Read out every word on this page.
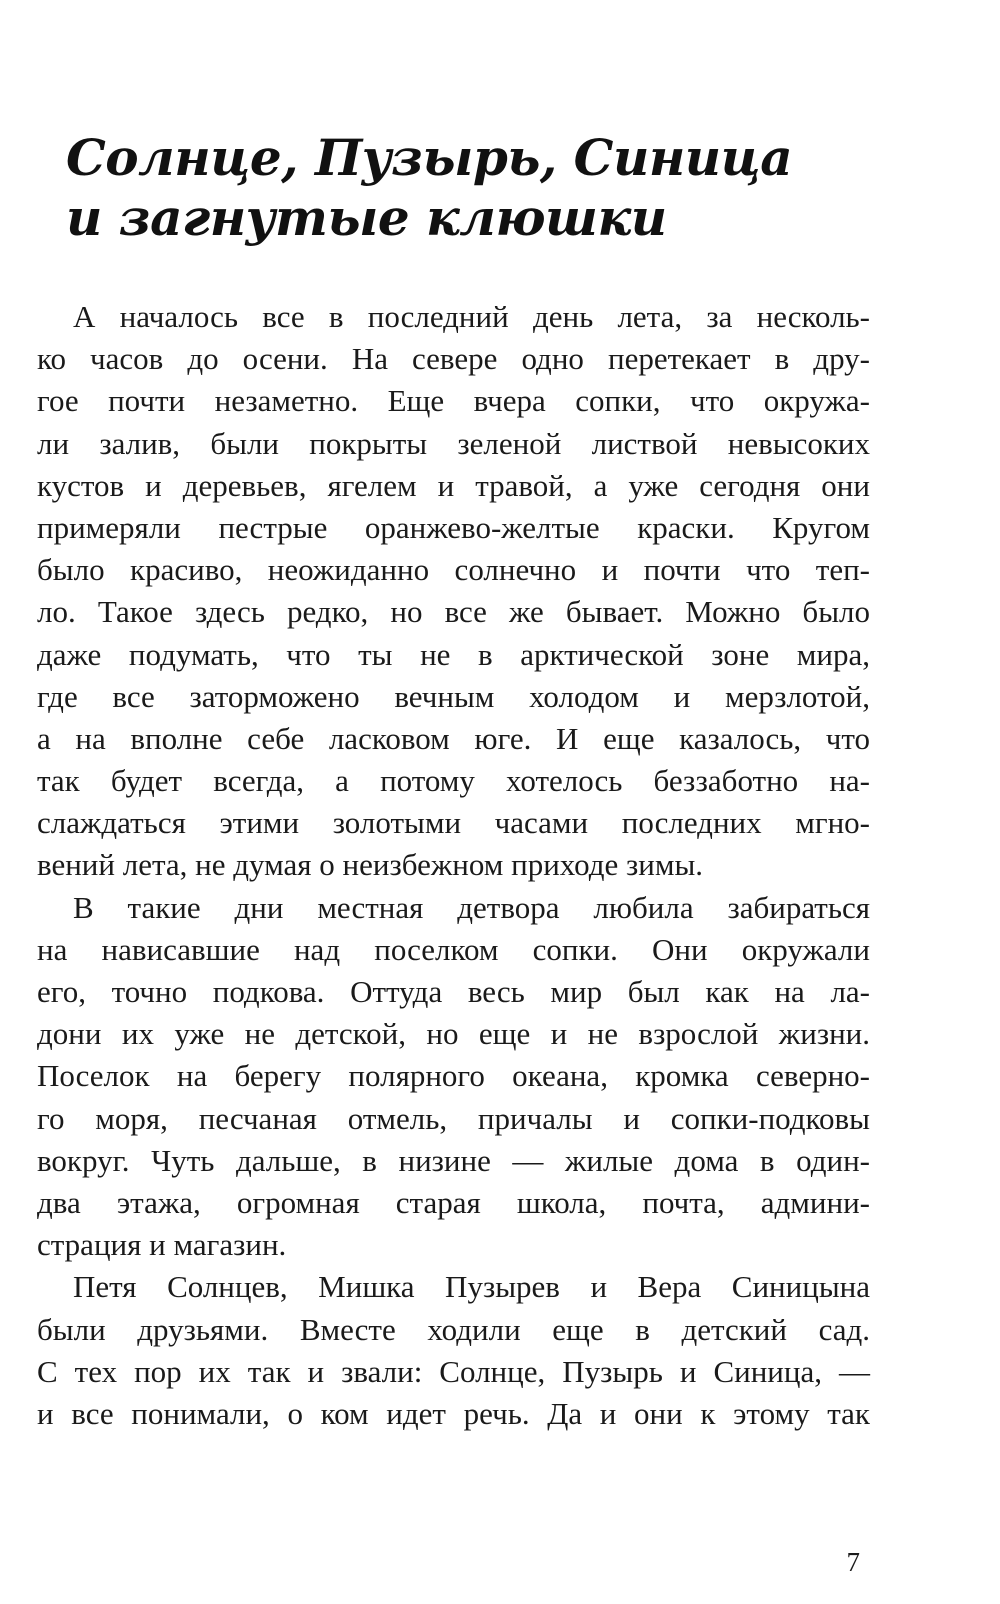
Солнце, Пузырь, Синица
и загнутые клюшки
А началось все в последний день лета, за несколь-
ко часов до осени. На севере одно перетекает в дру-
гое почти незаметно. Еще вчера сопки, что окружа-
ли залив, были покрыты зеленой листвой невысоких
кустов и деревьев, ягелем и травой, а уже сегодня они
примеряли пестрые оранжево-желтые краски. Кругом
было красиво, неожиданно солнечно и почти что теп-
ло. Такое здесь редко, но все же бывает. Можно было
даже подумать, что ты не в арктической зоне мира,
где все заторможено вечным холодом и мерзлотой,
а на вполне себе ласковом юге. И еще казалось, что
так будет всегда, а потому хотелось беззаботно на-
слаждаться этими золотыми часами последних мгно-
вений лета, не думая о неизбежном приходе зимы.
В такие дни местная детвора любила забираться
на нависавшие над поселком сопки. Они окружали
его, точно подкова. Оттуда весь мир был как на ла-
дони их уже не детской, но еще и не взрослой жизни.
Поселок на берегу полярного океана, кромка северно-
го моря, песчаная отмель, причалы и сопки-подковы
вокруг. Чуть дальше, в низине — жилые дома в один-
два этажа, огромная старая школа, почта, админи-
страция и магазин.
Петя Солнцев, Мишка Пузырев и Вера Синицына
были друзьями. Вместе ходили еще в детский сад.
С тех пор их так и звали: Солнце, Пузырь и Синица, —
и все понимали, о ком идет речь. Да и они к этому так
7
